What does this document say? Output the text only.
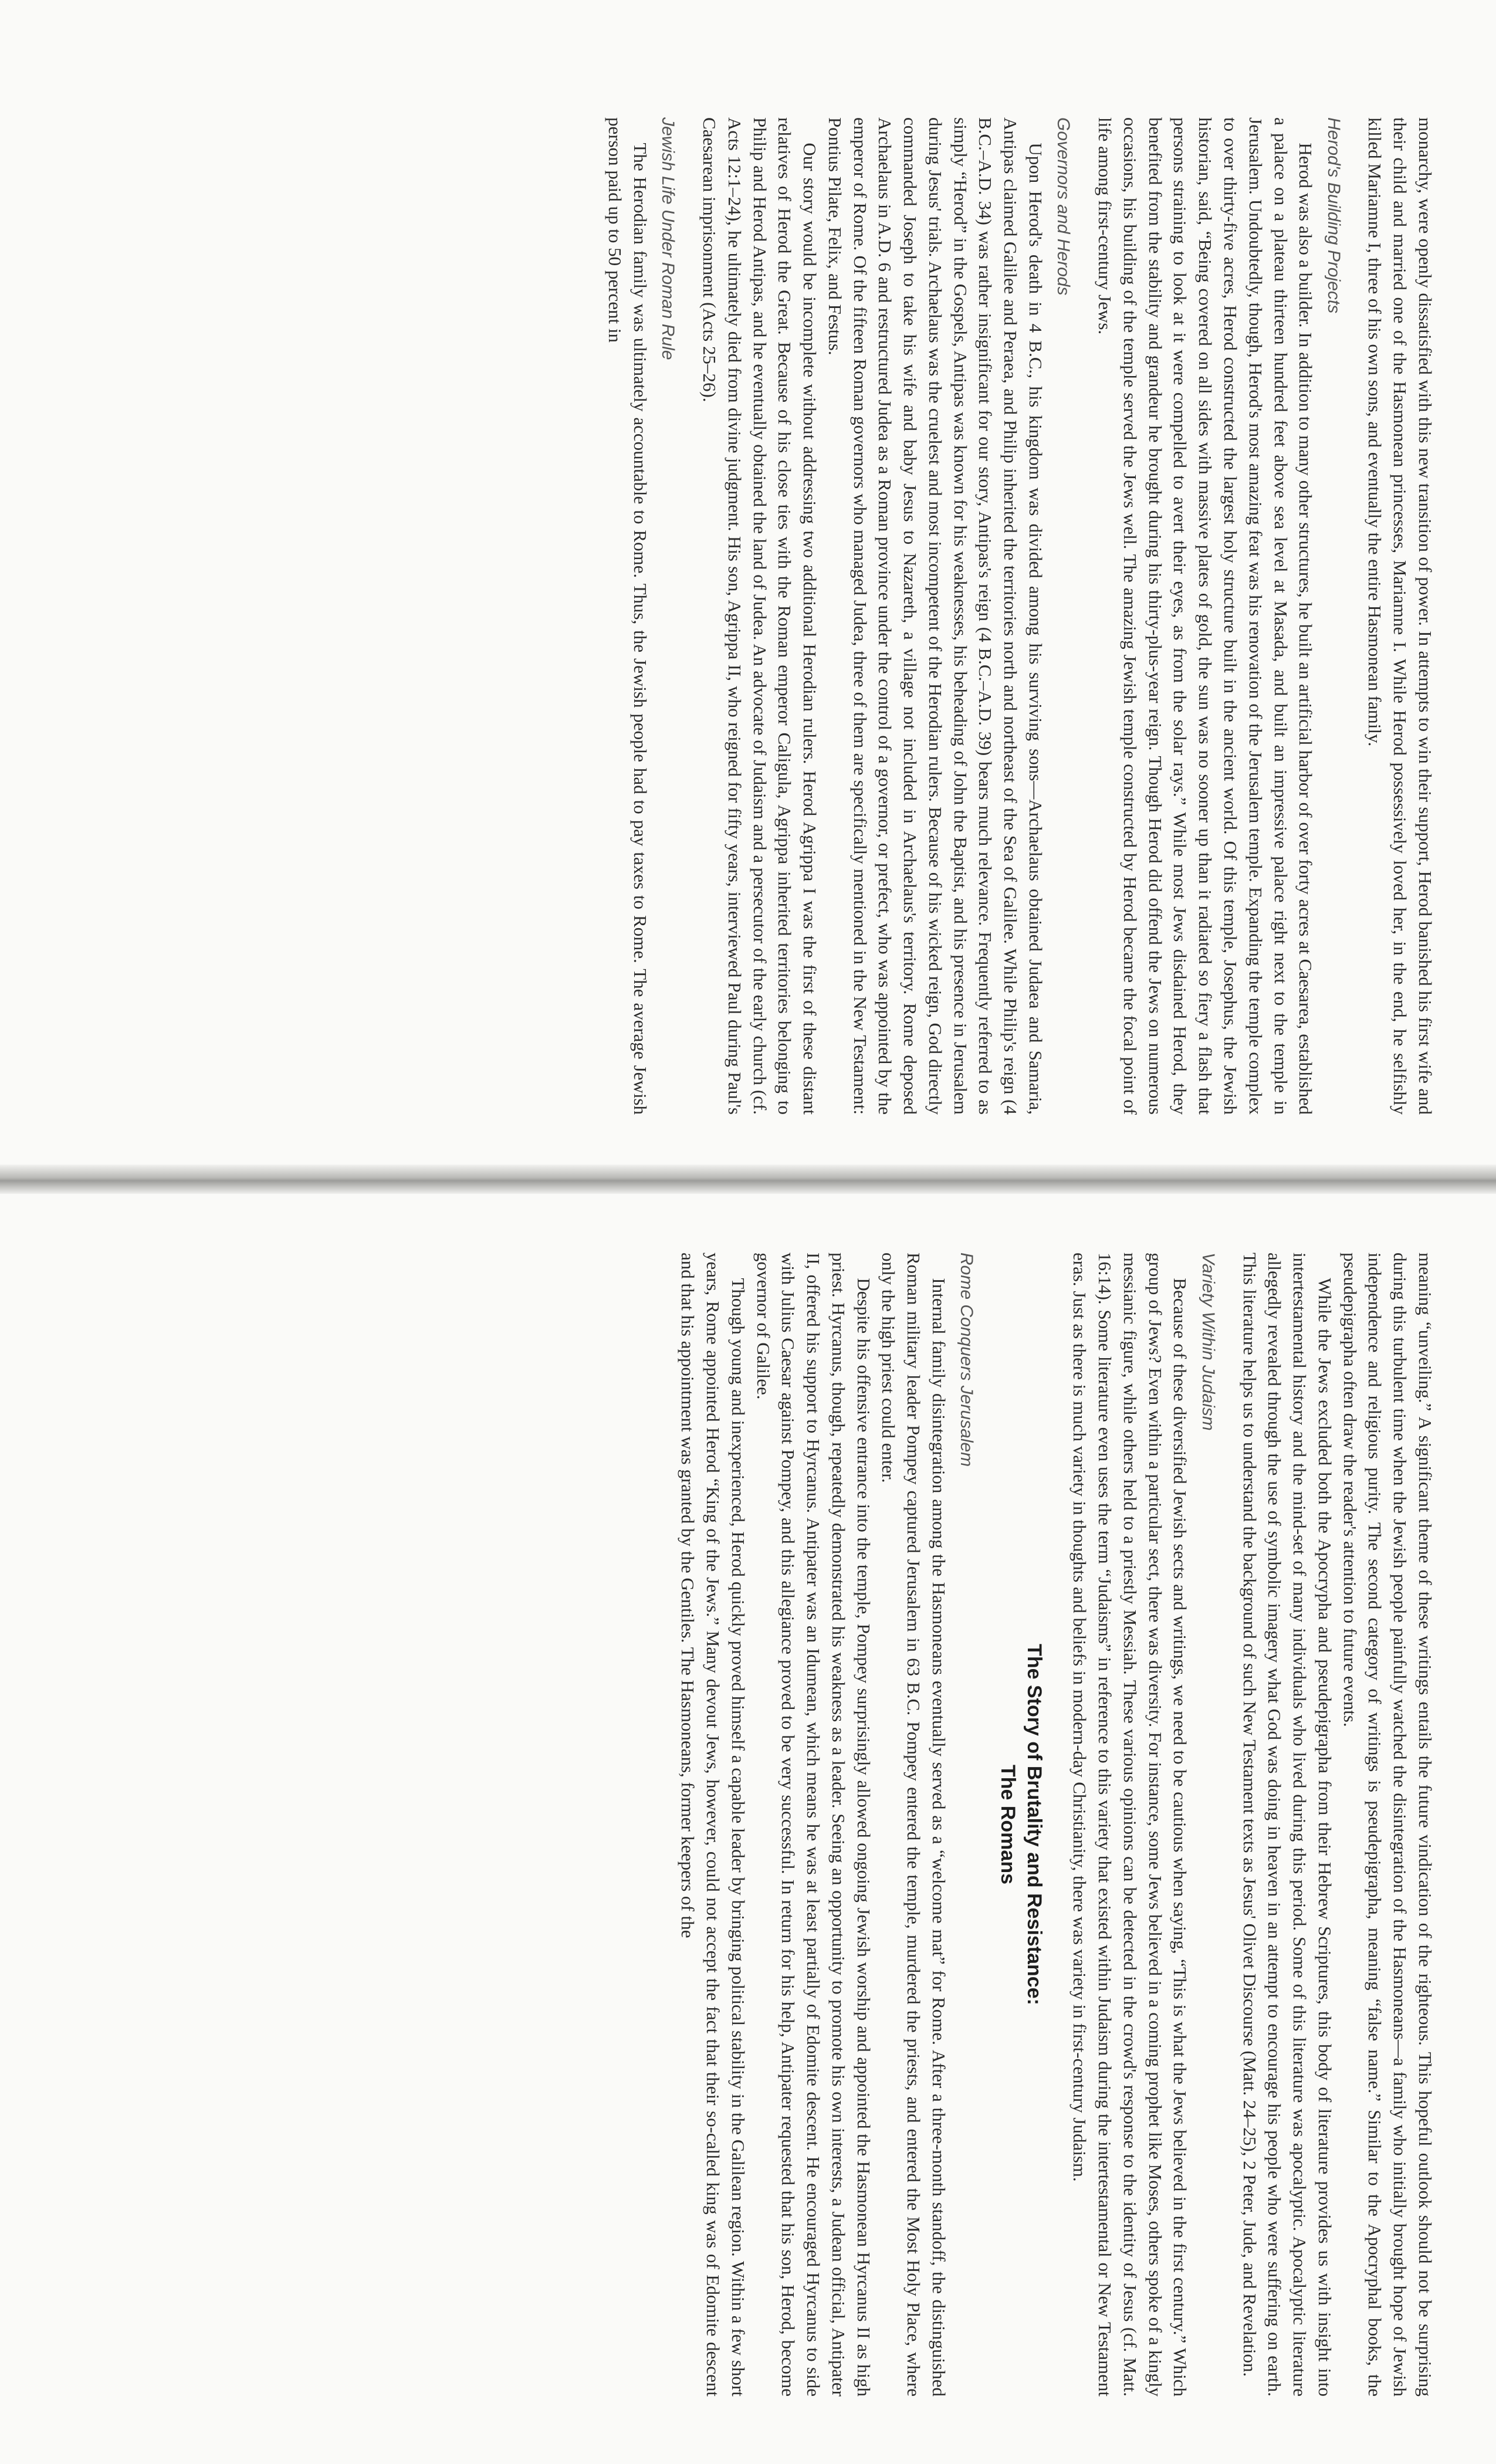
monarchy, were openly dissatisfied with this new transition of power. In attempts to win their support, Herod banished his first wife and their child and married one of the Hasmonean princesses, Mariamne I. While Herod possessively loved her, in the end, he selfishly killed Mariamne I, three of his own sons, and eventually the entire Hasmonean family.

Herod's Building Projects

Herod was also a builder. In addition to many other structures, he built an artificial harbor of over forty acres at Caesarea, established a palace on a plateau thirteen hundred feet above sea level at Masada, and built an impressive palace right next to the temple in Jerusalem. Undoubtedly, though, Herod's most amazing feat was his renovation of the Jerusalem temple. Expanding the temple complex to over thirty-five acres, Herod constructed the largest holy structure built in the ancient world. Of this temple, Josephus, the Jewish historian, said, “Being covered on all sides with massive plates of gold, the sun was no sooner up than it radiated so fiery a flash that persons straining to look at it were compelled to avert their eyes, as from the solar rays.” While most Jews disdained Herod, they benefited from the stability and grandeur he brought during his thirty-plus-year reign. Though Herod did offend the Jews on numerous occasions, his building of the temple served the Jews well. The amazing Jewish temple constructed by Herod became the focal point of life among first-century Jews.

Governors and Herods

Upon Herod's death in 4 B.C., his kingdom was divided among his surviving sons—Archaelaus obtained Judaea and Samaria, Antipas claimed Galilee and Peraea, and Philip inherited the territories north and northeast of the Sea of Galilee. While Philip's reign (4 B.C.–A.D. 34) was rather insignificant for our story, Antipas's reign (4 B.C.–A.D. 39) bears much relevance. Frequently referred to as simply “Herod” in the Gospels, Antipas was known for his weaknesses, his beheading of John the Baptist, and his presence in Jerusalem during Jesus' trials. Archaelaus was the cruelest and most incompetent of the Herodian rulers. Because of his wicked reign, God directly commanded Joseph to take his wife and baby Jesus to Nazareth, a village not included in Archaelaus's territory. Rome deposed Archaelaus in A.D. 6 and restructured Judea as a Roman province under the control of a governor, or prefect, who was appointed by the emperor of Rome. Of the fifteen Roman governors who managed Judea, three of them are specifically mentioned in the New Testament: Pontius Pilate, Felix, and Festus.

Our story would be incomplete without addressing two additional Herodian rulers. Herod Agrippa I was the first of these distant relatives of Herod the Great. Because of his close ties with the Roman emperor Caligula, Agrippa inherited territories belonging to Philip and Herod Antipas, and he eventually obtained the land of Judea. An advocate of Judaism and a persecutor of the early church (cf. Acts 12:1–24), he ultimately died from divine judgment. His son, Agrippa II, who reigned for fifty years, interviewed Paul during Paul's Caesarean imprisonment (Acts 25–26).

Jewish Life Under Roman Rule

The Herodian family was ultimately accountable to Rome. Thus, the Jewish people had to pay taxes to Rome. The average Jewish person paid up to 50 percent in

meaning “unveiling.” A significant theme of these writings entails the future vindication of the righteous. This hopeful outlook should not be surprising during this turbulent time when the Jewish people painfully watched the disintegration of the Hasmoneans—a family who initially brought hope of Jewish independence and religious purity. The second category of writings is pseudepigrapha, meaning “false name.” Similar to the Apocryphal books, the pseudepigrapha often draw the reader's attention to future events.

While the Jews excluded both the Apocrypha and pseudepigrapha from their Hebrew Scriptures, this body of literature provides us with insight into intertestamental history and the mind-set of many individuals who lived during this period. Some of this literature was apocalyptic. Apocalyptic literature allegedly revealed through the use of symbolic imagery what God was doing in heaven in an attempt to encourage his people who were suffering on earth. This literature helps us to understand the background of such New Testament texts as Jesus' Olivet Discourse (Matt. 24–25), 2 Peter, Jude, and Revelation.

Variety Within Judaism

Because of these diversified Jewish sects and writings, we need to be cautious when saying, “This is what the Jews believed in the first century.” Which group of Jews? Even within a particular sect, there was diversity. For instance, some Jews believed in a coming prophet like Moses, others spoke of a kingly messianic figure, while others held to a priestly Messiah. These various opinions can be detected in the crowd's response to the identity of Jesus (cf. Matt. 16:14). Some literature even uses the term “Judaisms” in reference to this variety that existed within Judaism during the intertestamental or New Testament eras. Just as there is much variety in thoughts and beliefs in modern-day Christianity, there was variety in first-century Judaism.

The Story of Brutality and Resistance:
The Romans
Rome Conquers Jerusalem

Internal family disintegration among the Hasmoneans eventually served as a “welcome mat” for Rome. After a three-month standoff, the distinguished Roman military leader Pompey captured Jerusalem in 63 B.C. Pompey entered the temple, murdered the priests, and entered the Most Holy Place, where only the high priest could enter.

Despite his offensive entrance into the temple, Pompey surprisingly allowed ongoing Jewish worship and appointed the Hasmonean Hyrcanus II as high priest. Hyrcanus, though, repeatedly demonstrated his weakness as a leader. Seeing an opportunity to promote his own interests, a Judean official, Antipater II, offered his support to Hyrcanus. Antipater was an Idumean, which means he was at least partially of Edomite descent. He encouraged Hyrcanus to side with Julius Caesar against Pompey, and this allegiance proved to be very successful. In return for his help, Antipater requested that his son, Herod, become governor of Galilee.

Though young and inexperienced, Herod quickly proved himself a capable leader by bringing political stability in the Galilean region. Within a few short years, Rome appointed Herod “King of the Jews.” Many devout Jews, however, could not accept the fact that their so-called king was of Edomite descent and that his appointment was granted by the Gentiles. The Hasmoneans, former keepers of the
